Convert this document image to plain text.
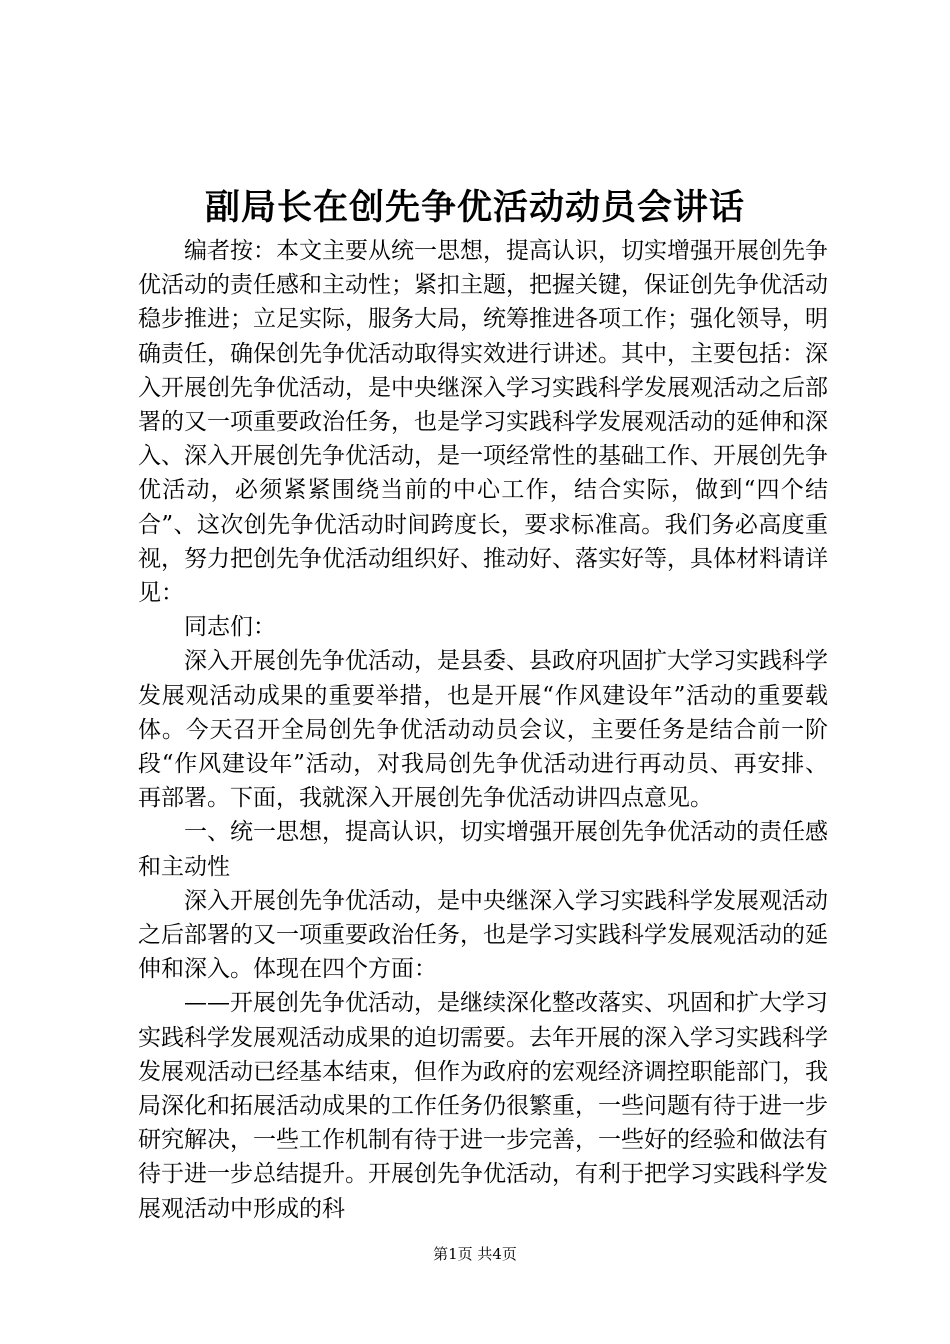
副局长在创先争优活动动员会讲话

编者按：本文主要从统一思想，提高认识，切实增强开展创先争优活动的责任感和主动性；紧扣主题，把握关键，保证创先争优活动稳步推进；立足实际，服务大局，统筹推进各项工作；强化领导，明确责任，确保创先争优活动取得实效进行讲述。其中，主要包括：深入开展创先争优活动，是中央继深入学习实践科学发展观活动之后部署的又一项重要政治任务，也是学习实践科学发展观活动的延伸和深入、深入开展创先争优活动，是一项经常性的基础工作、开展创先争优活动，必须紧紧围绕当前的中心工作，结合实际，做到“四个结合”、这次创先争优活动时间跨度长，要求标准高。我们务必高度重视，努力把创先争优活动组织好、推动好、落实好等，具体材料请详见：

同志们：

深入开展创先争优活动，是县委、县政府巩固扩大学习实践科学发展观活动成果的重要举措，也是开展“作风建设年”活动的重要载体。今天召开全局创先争优活动动员会议，主要任务是结合前一阶段“作风建设年”活动，对我局创先争优活动进行再动员、再安排、再部署。下面，我就深入开展创先争优活动讲四点意见。

一、统一思想，提高认识，切实增强开展创先争优活动的责任感和主动性

深入开展创先争优活动，是中央继深入学习实践科学发展观活动之后部署的又一项重要政治任务，也是学习实践科学发展观活动的延伸和深入。体现在四个方面：

——开展创先争优活动，是继续深化整改落实、巩固和扩大学习实践科学发展观活动成果的迫切需要。去年开展的深入学习实践科学发展观活动已经基本结束，但作为政府的宏观经济调控职能部门，我局深化和拓展活动成果的工作任务仍很繁重，一些问题有待于进一步研究解决，一些工作机制有待于进一步完善，一些好的经验和做法有待于进一步总结提升。开展创先争优活动，有利于把学习实践科学发展观活动中形成的科

第1页 共4页
